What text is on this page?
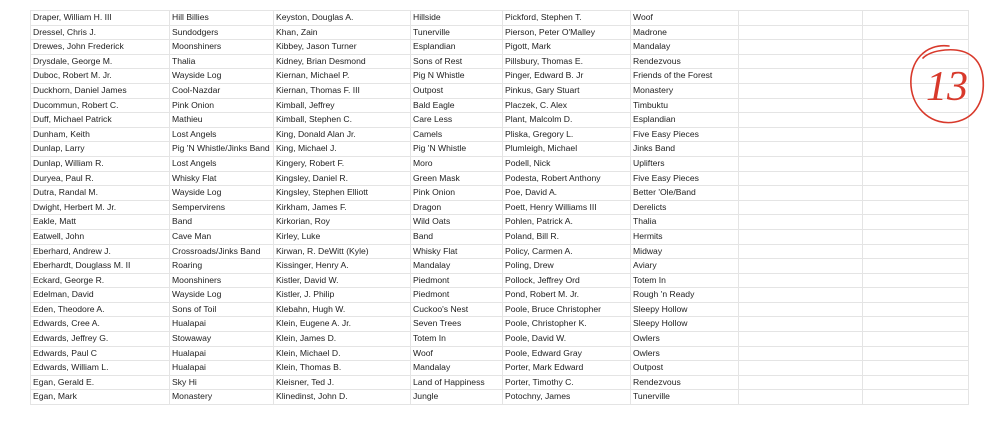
Draper, William H. III	Hill Billies	Keyston, Douglas A.	Hillside	Pickford, Stephen T.	Woof		
Dressel, Chris J.	Sundodgers	Khan, Zain	Tunerville	Pierson, Peter O'Malley	Madrone		
Drewes, John Frederick	Moonshiners	Kibbey, Jason Turner	Esplandian	Pigott, Mark	Mandalay		
Drysdale, George M.	Thalia	Kidney, Brian Desmond	Sons of Rest	Pillsbury, Thomas E.	Rendezvous		
Duboc, Robert M. Jr.	Wayside Log	Kiernan, Michael P.	Pig N Whistle	Pinger, Edward B. Jr	Friends of the Forest		
Duckhorn, Daniel James	Cool-Nazdar	Kiernan, Thomas F. III	Outpost	Pinkus, Gary Stuart	Monastery		
Ducommun, Robert C.	Pink Onion	Kimball, Jeffrey	Bald Eagle	Placzek, C. Alex	Timbuktu		
Duff, Michael Patrick	Mathieu	Kimball, Stephen C.	Care Less	Plant, Malcolm D.	Esplandian		
Dunham, Keith	Lost Angels	King, Donald Alan Jr.	Camels	Pliska, Gregory L.	Five Easy Pieces		
Dunlap, Larry	Pig 'N Whistle/Jinks Band	King, Michael J.	Pig 'N Whistle	Plumleigh, Michael	Jinks Band		
Dunlap, William R.	Lost Angels	Kingery, Robert F.	Moro	Podell, Nick	Uplifters		
Duryea, Paul R.	Whisky Flat	Kingsley, Daniel R.	Green Mask	Podesta, Robert Anthony	Five Easy Pieces		
Dutra, Randal M.	Wayside Log	Kingsley, Stephen Elliott	Pink Onion	Poe, David A.	Better 'Ole/Band		
Dwight, Herbert M. Jr.	Sempervirens	Kirkham, James F.	Dragon	Poett, Henry Williams III	Derelicts		
Eakle, Matt	Band	Kirkorian, Roy	Wild Oats	Pohlen, Patrick A.	Thalia		
Eatwell, John	Cave Man	Kirley, Luke	Band	Poland, Bill R.	Hermits		
Eberhard, Andrew J.	Crossroads/Jinks Band	Kirwan, R. DeWitt (Kyle)	Whisky Flat	Policy, Carmen A.	Midway		
Eberhardt, Douglass M. II	Roaring	Kissinger, Henry A.	Mandalay	Poling, Drew	Aviary		
Eckard, George R.	Moonshiners	Kistler, David W.	Piedmont	Pollock, Jeffrey Ord	Totem In		
Edelman, David	Wayside Log	Kistler, J. Philip	Piedmont	Pond, Robert M. Jr.	Rough 'n Ready		
Eden, Theodore A.	Sons of Toil	Klebahn, Hugh W.	Cuckoo's Nest	Poole, Bruce Christopher	Sleepy Hollow		
Edwards, Cree A.	Hualapai	Klein, Eugene A. Jr.	Seven Trees	Poole, Christopher K.	Sleepy Hollow		
Edwards, Jeffrey G.	Stowaway	Klein, James D.	Totem In	Poole, David W.	Owlers		
Edwards, Paul C	Hualapai	Klein, Michael D.	Woof	Poole, Edward Gray	Owlers		
Edwards, William L.	Hualapai	Klein, Thomas B.	Mandalay	Porter, Mark Edward	Outpost		
Egan, Gerald E.	Sky Hi	Kleisner, Ted J.	Land of Happiness	Porter, Timothy C.	Rendezvous		
Egan, Mark	Monastery	Klinedinst, John D.	Jungle	Potochny, James	Tunerville		
13
